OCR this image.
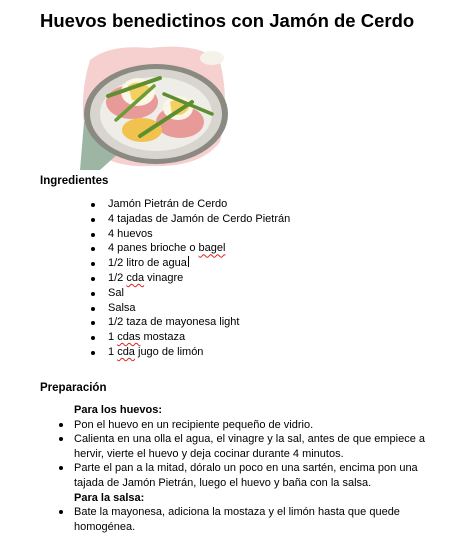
Huevos benedictinos con Jamón de Cerdo
Ingredientes
Jamón Pietrán de Cerdo
4 tajadas de Jamón de Cerdo Pietrán
4 huevos
4 panes brioche o bagel
1/2 litro de agua
1/2 cda vinagre
Sal
Salsa
1/2 taza de mayonesa light
1 cdas mostaza
1 cda jugo de limón
Preparación
Para los huevos:
Pon el huevo en un recipiente pequeño de vidrio.
Calienta en una olla el agua, el vinagre y la sal, antes de que empiece a hervir, vierte el huevo y deja cocinar durante 4 minutos.
Parte el pan a la mitad, dóralo un poco en una sartén, encima pon una tajada de Jamón Pietrán, luego el huevo y baña con la salsa.
Para la salsa:
Bate la mayonesa, adiciona la mostaza y el limón hasta que quede homogénea.
